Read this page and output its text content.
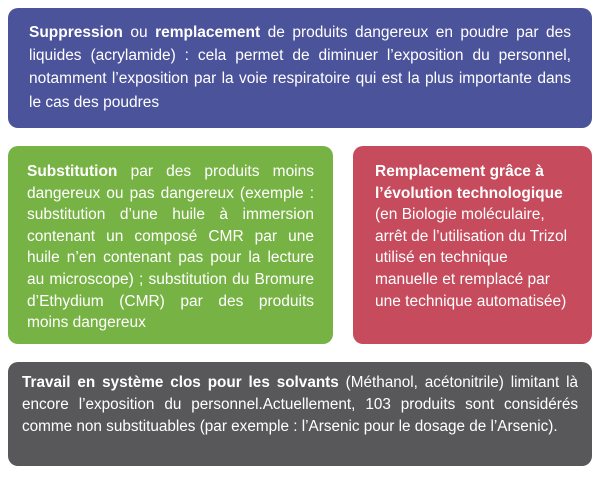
Suppression ou remplacement de produits dangereux en poudre par des liquides (acrylamide) : cela permet de diminuer l’exposition du personnel, notamment l’exposition par la voie respiratoire qui est la plus importante dans le cas des poudres

Substitution par des produits moins dangereux ou pas dangereux (exemple : substitution d’une huile à immersion contenant un composé CMR par une huile n’en contenant pas pour la lecture au microscope) ; substitution du Bromure d’Ethydium (CMR) par des produits moins dangereux

Remplacement grâce à l’évolution technologique (en Biologie moléculaire, arrêt de l’utilisation du Trizol utilisé en technique manuelle et remplacé par une technique automatisée)

Travail en système clos pour les solvants (Méthanol, acétonitrile) limitant là encore l’exposition du personnel.Actuellement, 103 produits sont considérés comme non substituables (par exemple : l’Arsenic pour le dosage de l’Arsenic).
